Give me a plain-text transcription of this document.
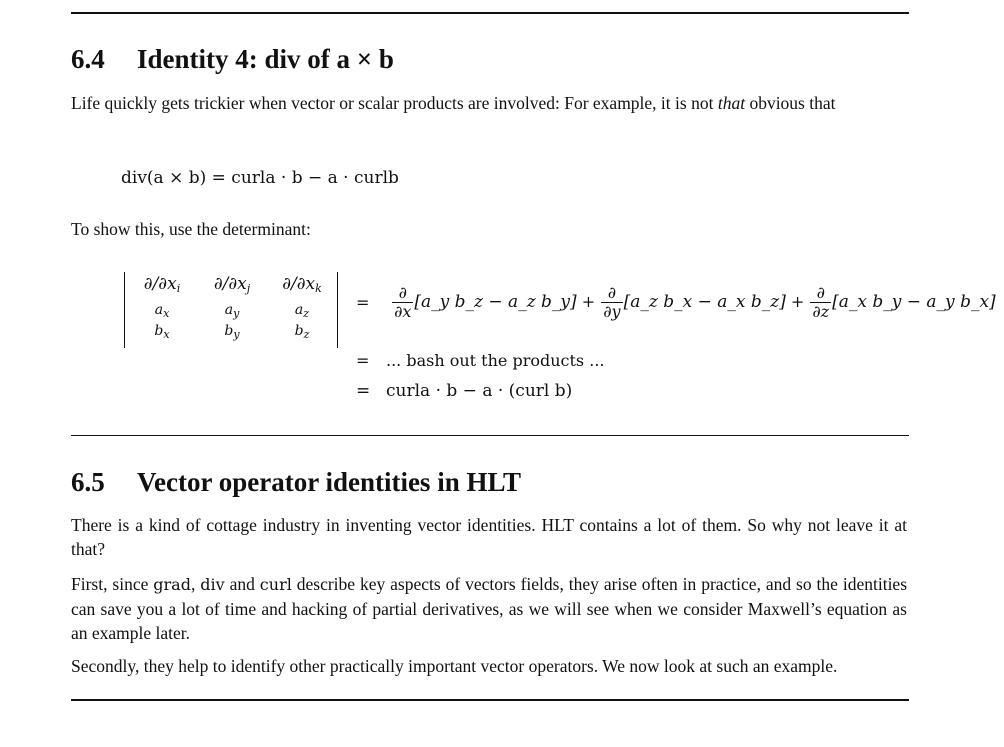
6.4 Identity 4: div of a × b

Life quickly gets trickier when vector or scalar products are involved: For example, it is not that obvious that

div(a × b) = curla · b − a · curlb

To show this, use the determinant:

$\partial/\partial x_i$	$\partial/\partial x_j$	$\partial/\partial x_k$
$a_x$	$a_y$	$a_z$
$b_x$	$b_y$	$b_z$
= $\frac{\partial}{\partial x}$ [a_y b_z − a_z b_y] + $\frac{\partial}{\partial y}$ [a_z b_x − a_x b_z] + $\frac{\partial}{\partial z}$ [a_x b_y − a_y b_x]
= ... bash out the products ...
= curla · b − a · (curl b)
6.5 Vector operator identities in HLT

There is a kind of cottage industry in inventing vector identities. HLT contains a lot of them. So why not leave it at that?

First, since grad, div and curl describe key aspects of vectors fields, they arise often in practice, and so the identities can save you a lot of time and hacking of partial derivatives, as we will see when we consider Maxwell’s equation as an example later.

Secondly, they help to identify other practically important vector operators. We now look at such an example.
